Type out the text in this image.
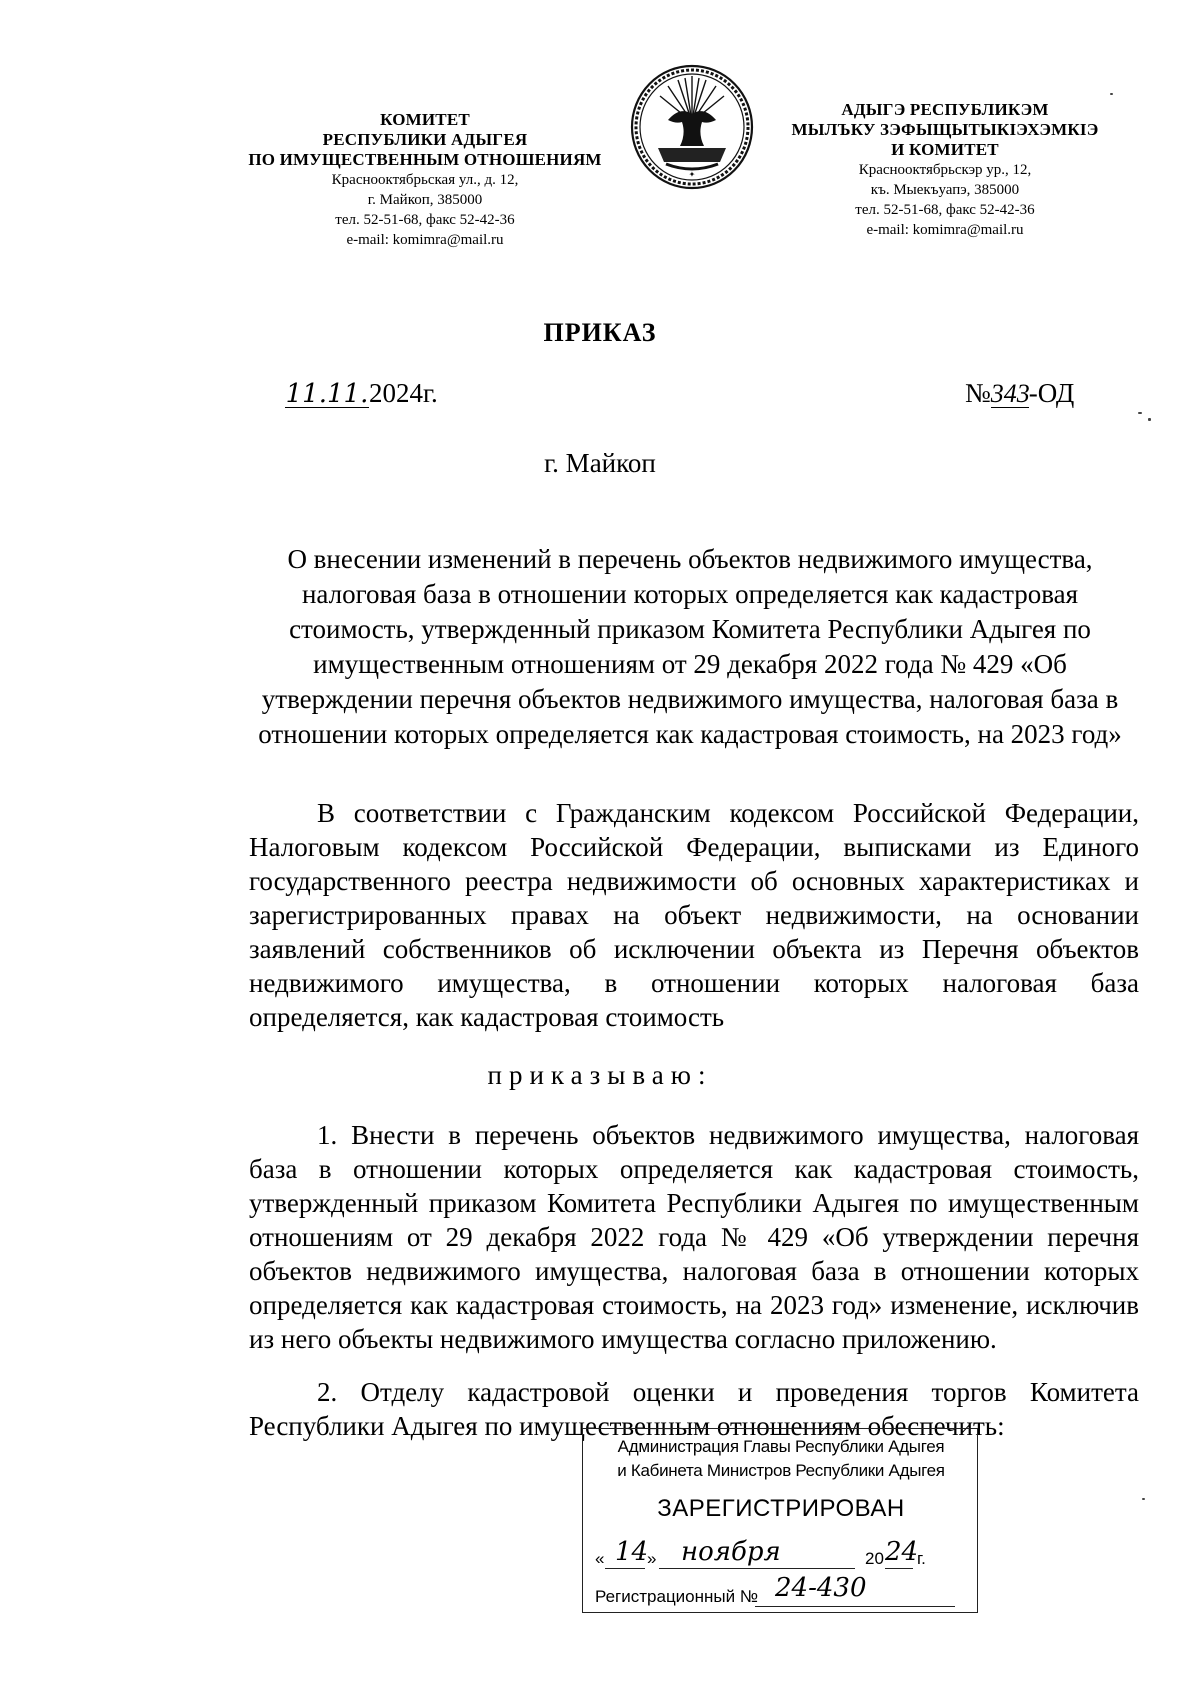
КОМИТЕТ
РЕСПУБЛИКИ АДЫГЕЯ
ПО ИМУЩЕСТВЕННЫМ ОТНОШЕНИЯМ
Краснооктябрьская ул., д. 12,
г. Майкоп, 385000
тел. 52-51-68, факс 52-42-36
e-mail: komimra@mail.ru
✦
АДЫГЭ РЕСПУБЛИКЭМ
МЫЛЪКУ ЗЭФЫЩЫТЫКIЭХЭМКIЭ
И КОМИТЕТ
Краснооктябрьскэр ур., 12,
къ. Мыекъуапэ, 385000
тел. 52-51-68, факс 52-42-36
e-mail: komimra@mail.ru
ПРИКАЗ
11.11.2024г.	№343-ОД
г. Майкоп
О внесении изменений в перечень объектов недвижимого имущества, налоговая база в отношении которых определяется как кадастровая стоимость, утвержденный приказом Комитета Республики Адыгея по имущественным отношениям от 29 декабря 2022 года № 429 «Об утверждении перечня объектов недвижимого имущества, налоговая база в отношении которых определяется как кадастровая стоимость, на 2023 год»
В соответствии с Гражданским кодексом Российской Федерации, Налоговым кодексом Российской Федерации, выписками из Единого государственного реестра недвижимости об основных характеристиках и зарегистрированных правах на объект недвижимости, на основании заявлений собственников об исключении объекта из Перечня объектов недвижимого имущества, в отношении которых налоговая база определяется, как кадастровая стоимость
приказываю:
1. Внести в перечень объектов недвижимого имущества, налоговая база в отношении которых определяется как кадастровая стоимость, утвержденный приказом Комитета Республики Адыгея по имущественным отношениям от 29 декабря 2022 года № 429 «Об утверждении перечня объектов недвижимого имущества, налоговая база в отношении которых определяется как кадастровая стоимость, на 2023 год» изменение, исключив из него объекты недвижимого имущества согласно приложению.
2. Отделу кадастровой оценки и проведения торгов Комитета Республики Адыгея по имущественным отношениям обеспечить:
Администрация Главы Республики Адыгея
и Кабинета Министров Республики Адыгея
ЗАРЕГИСТРИРОВАН
« 14
» ноября	20 24
г.
Регистрационный № 24-430
